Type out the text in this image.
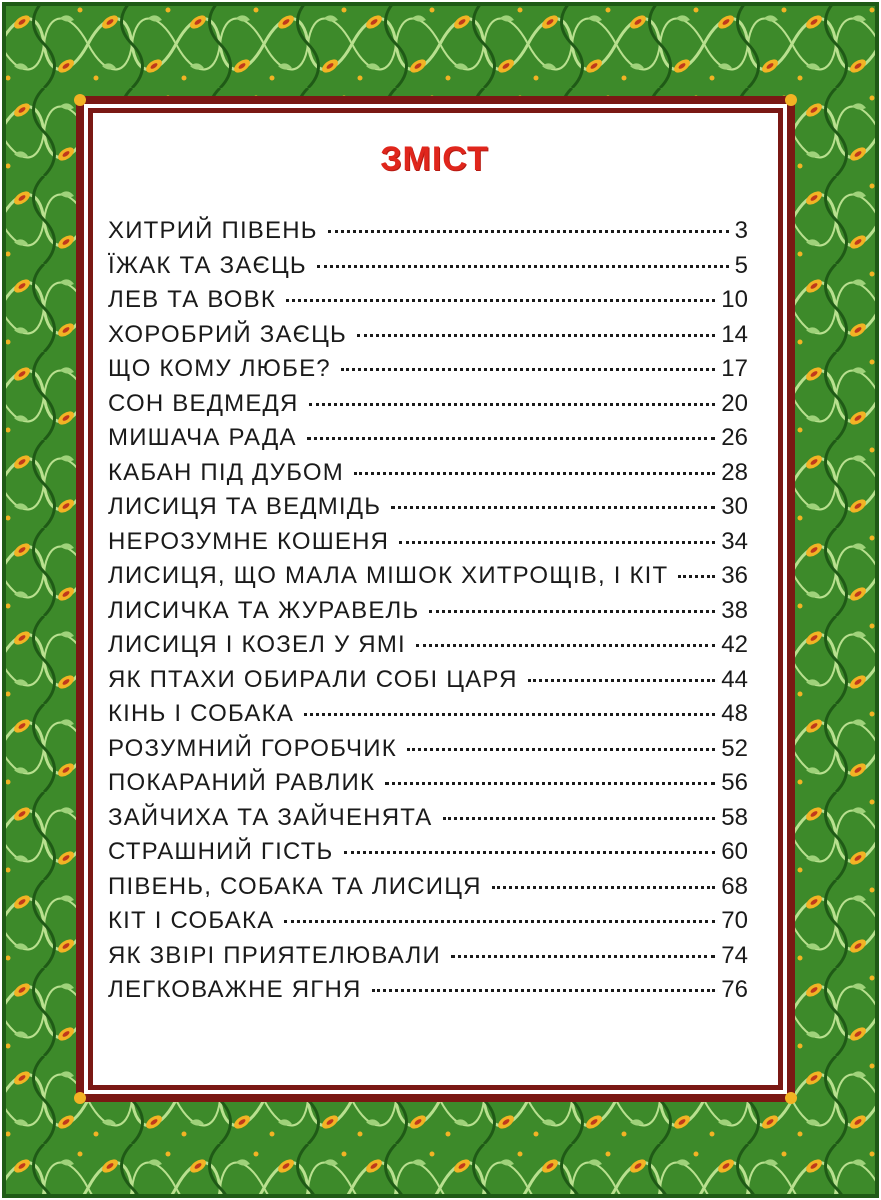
ЗМІСТ
ХИТРИЙ ПІВЕНЬ	3
ЇЖАК ТА ЗАЄЦЬ	5
ЛЕВ ТА ВОВК	10
ХОРОБРИЙ ЗАЄЦЬ	14
ЩО КОМУ ЛЮБЕ?	17
СОН ВЕДМЕДЯ	20
МИШАЧА РАДА	26
КАБАН ПІД ДУБОМ	28
ЛИСИЦЯ ТА ВЕДМІДЬ	30
НЕРОЗУМНЕ КОШЕНЯ	34
ЛИСИЦЯ, ЩО МАЛА МІШОК ХИТРОЩІВ, І КІТ 36
ЛИСИЧКА ТА ЖУРАВЕЛЬ	38
ЛИСИЦЯ І КОЗЕЛ У ЯМІ	42
ЯК ПТАХИ ОБИРАЛИ СОБІ ЦАРЯ	44
КІНЬ І СОБАКА	48
РОЗУМНИЙ ГОРОБЧИК	52
ПОКАРАНИЙ РАВЛИК	56
ЗАЙЧИХА ТА ЗАЙЧЕНЯТА	58
СТРАШНИЙ ГІСТЬ	60
ПІВЕНЬ, СОБАКА ТА ЛИСИЦЯ	68
КІТ І СОБАКА	70
ЯК ЗВІРІ ПРИЯТЕЛЮВАЛИ	74
ЛЕГКОВАЖНЕ ЯГНЯ	76
